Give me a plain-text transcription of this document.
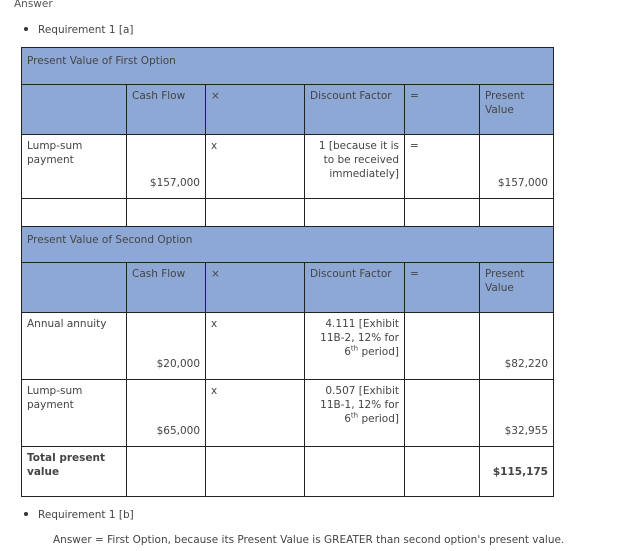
Answer
Requirement 1 [a]
Present Value of First Option					
	Cash Flow	×	Discount Factor	=	Present Value
Lump-sum payment	$157,000	x	1 [because it is to be received immediately]	=	$157,000

Present Value of Second Option					
	Cash Flow	×	Discount Factor	=	Present Value
Annual annuity	$20,000	x	4.111 [Exhibit 11B-2, 12% for 6th period]		$82,220
Lump-sum payment	$65,000	x	0.507 [Exhibit 11B-1, 12% for 6th period]		$32,955
Total present value					$115,175
Requirement 1 [b]
Answer = First Option, because its Present Value is GREATER than second option's present value.
